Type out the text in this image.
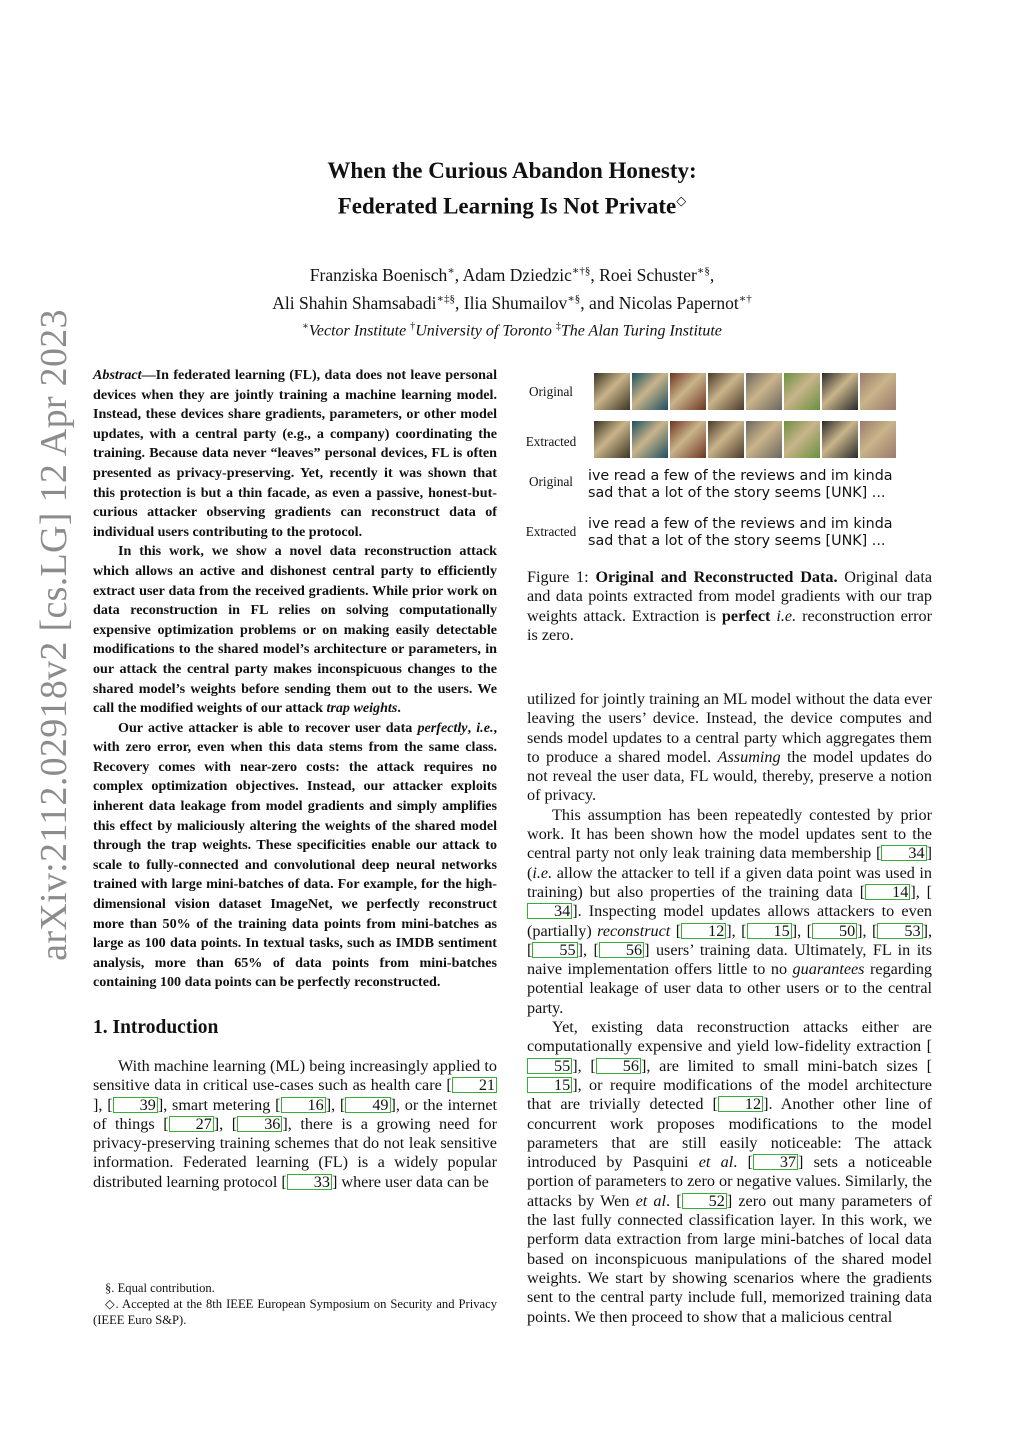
arXiv:2112.02918v2 [cs.LG] 12 Apr 2023
When the Curious Abandon Honesty:
Federated Learning Is Not Private◇
Franziska Boenisch∗, Adam Dziedzic∗†§, Roei Schuster∗§,
Ali Shahin Shamsabadi∗‡§, Ilia Shumailov∗§, and Nicolas Papernot∗†
∗Vector Institute †University of Toronto ‡The Alan Turing Institute

Abstract—In federated learning (FL), data does not leave personal devices when they are jointly training a machine learning model. Instead, these devices share gradients, parameters, or other model updates, with a central party (e.g., a company) coordinating the training. Because data never “leaves” personal devices, FL is often presented as privacy-preserving. Yet, recently it was shown that this protection is but a thin facade, as even a passive, honest-but-curious attacker observing gradients can reconstruct data of individual users contributing to the protocol.

In this work, we show a novel data reconstruction attack which allows an active and dishonest central party to efficiently extract user data from the received gradients. While prior work on data reconstruction in FL relies on solving computationally expensive optimization problems or on making easily detectable modifications to the shared model’s architecture or parameters, in our attack the central party makes inconspicuous changes to the shared model’s weights before sending them out to the users. We call the modified weights of our attack trap weights.

Our active attacker is able to recover user data perfectly, i.e., with zero error, even when this data stems from the same class. Recovery comes with near-zero costs: the attack requires no complex optimization objectives. Instead, our attacker exploits inherent data leakage from model gradients and simply amplifies this effect by maliciously altering the weights of the shared model through the trap weights. These specificities enable our attack to scale to fully-connected and convolutional deep neural networks trained with large mini-batches of data. For example, for the high-dimensional vision dataset ImageNet, we perfectly reconstruct more than 50% of the training data points from mini-batches as large as 100 data points. In textual tasks, such as IMDB sentiment analysis, more than 65% of data points from mini-batches containing 100 data points can be perfectly reconstructed.

1. Introduction

With machine learning (ML) being increasingly applied to sensitive data in critical use-cases such as health care [ 21], [ 39 ], smart metering [ 16 ], [ 49 ], or the internet of things [ 27 ], [ 36 ], there is a growing need for privacy-preserving training schemes that do not leak sensitive information. Federated learning (FL) is a widely popular distributed learning protocol [ 33 ] where user data can be

§. Equal contribution.
◇. Accepted at the 8th IEEE European Symposium on Security and Privacy (IEEE Euro S&P).
Original
Extracted
Original	ive read a few of the reviews and im kinda
sad that a lot of the story seems [UNK] ...
Extracted ive read a few of the reviews and im kinda
sad that a lot of the story seems [UNK] ...
Figure 1: Original and Reconstructed Data. Original data and data points extracted from model gradients with our trap weights attack. Extraction is perfect i.e. reconstruction error is zero.

utilized for jointly training an ML model without the data ever leaving the users’ device. Instead, the device computes and sends model updates to a central party which aggregates them to produce a shared model. Assuming the model updates do not reveal the user data, FL would, thereby, preserve a notion of privacy.

This assumption has been repeatedly contested by prior work. It has been shown how the model updates sent to the central party not only leak training data membership [ 34 ] (i.e. allow the attacker to tell if a given data point was used in training) but also properties of the training data [ 14 ], [34 ]. Inspecting model updates allows attackers to even (partially) reconstruct [ 12 ], [ 15 ], [ 50 ], [ 53 ], [ 55 ], [ 56 ] users’ training data. Ultimately, FL in its naive implementation offers little to no guarantees regarding potential leakage of user data to other users or to the central party.

Yet, existing data reconstruction attacks either are computationally expensive and yield low-fidelity extraction [55 ], [ 56 ], are limited to small mini-batch sizes [15 ], or require modifications of the model architecture that are trivially detected [ 12 ]. Another other line of concurrent work proposes modifications to the model parameters that are still easily noticeable: The attack introduced by Pasquini et al. [ 37 ] sets a noticeable portion of parameters to zero or negative values. Similarly, the attacks by Wen et al. [ 52 ] zero out many parameters of the last fully connected classification layer. In this work, we perform data extraction from large mini-batches of local data based on inconspicuous manipulations of the shared model weights. We start by showing scenarios where the gradients sent to the central party include full, memorized training data points. We then proceed to show that a malicious central
